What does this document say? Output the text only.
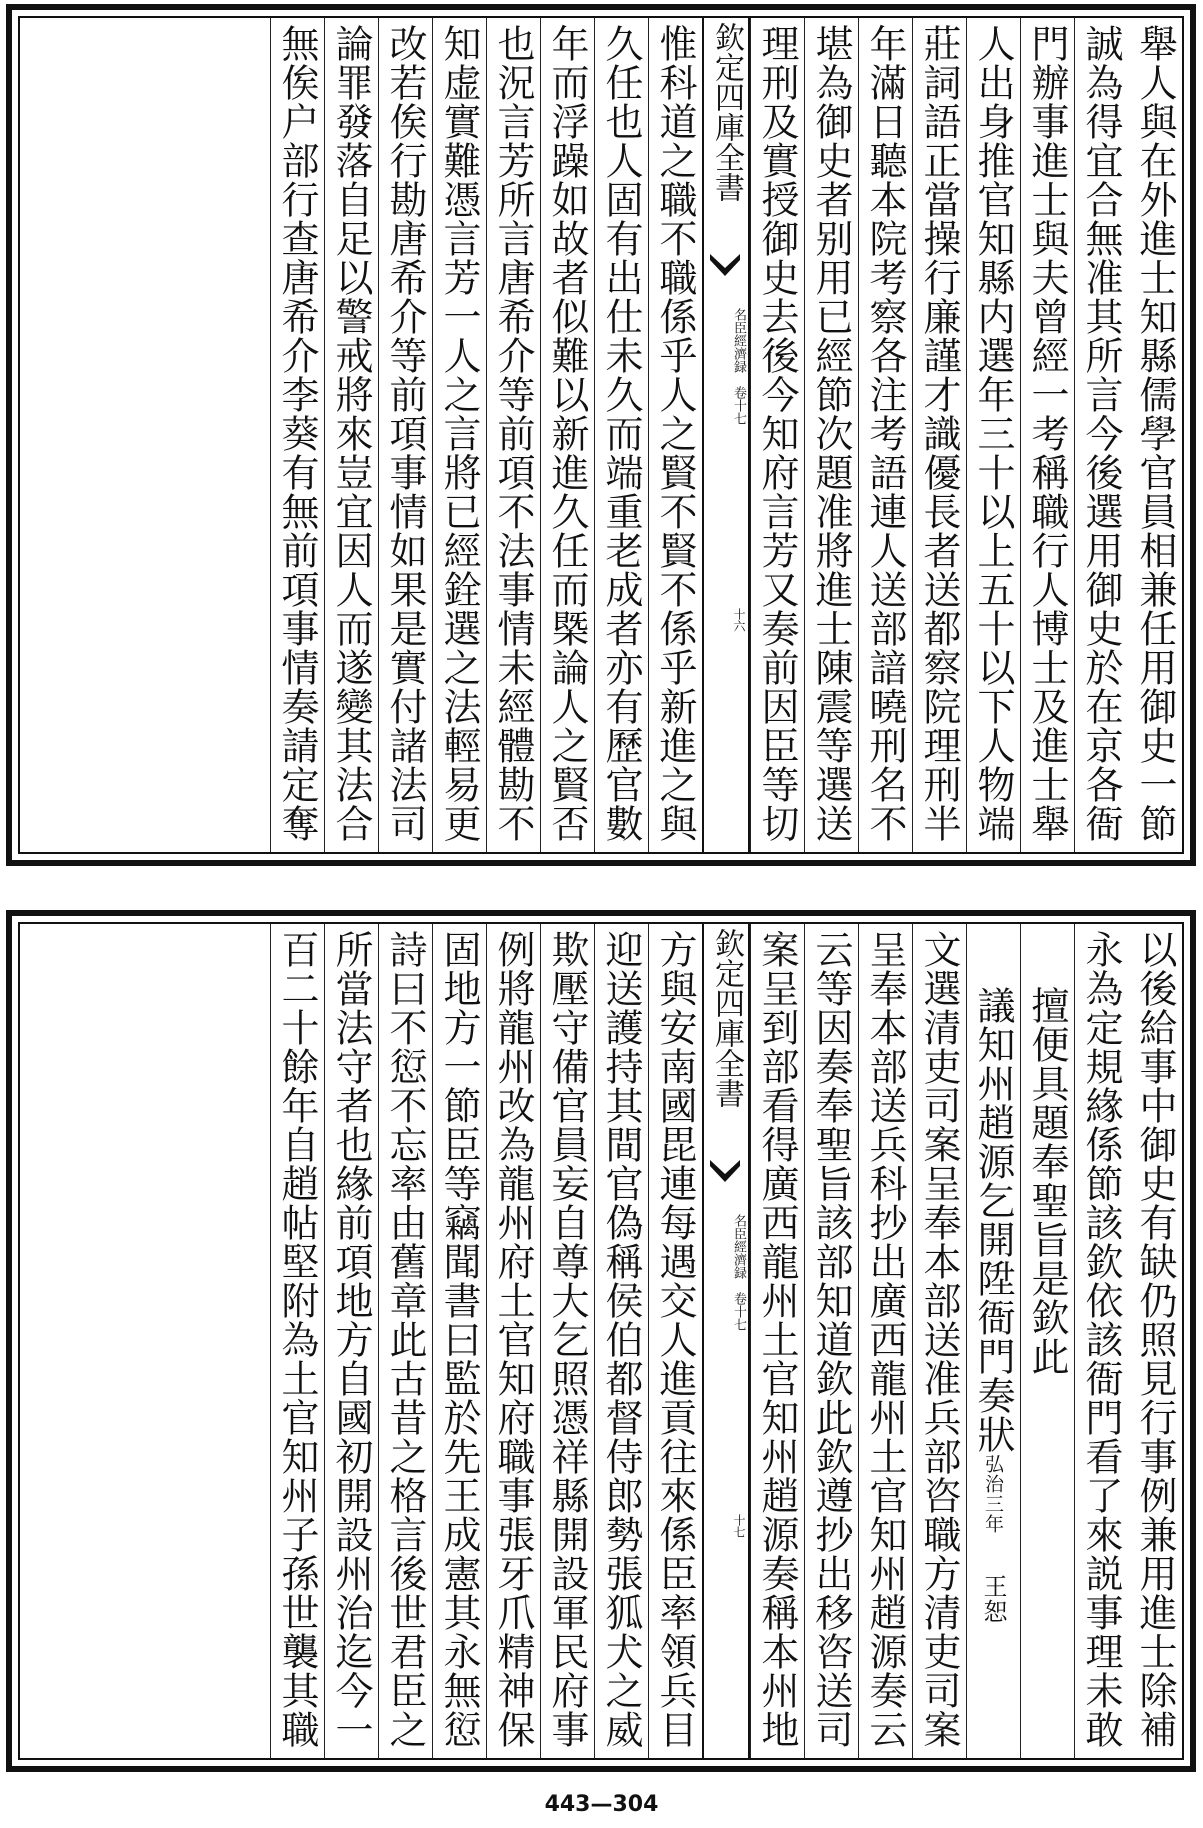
舉人與在外進士知縣儒學官員相兼任用御史一節
誠為得宜合無准其所言今後選用御史於在京各衙
門辦事進士與夫曾經一考稱職行人博士及進士舉
人出身推官知縣内選年三十以上五十以下人物端
莊詞語正當操行廉謹才識優長者送都察院理刑半
年滿日聽本院考察各注考語連人送部諳曉刑名不
堪為御史者别用已經節次題准將進士陳震等選送
理刑及實授御史去後今知府言芳又奏前因臣等切
欽定四庫全書
名臣經濟録　卷十七
十六
惟科道之職不職係乎人之賢不賢不係乎新進之與
久任也人固有出仕未久而端重老成者亦有歷官數
年而浮躁如故者似難以新進久任而槩論人之賢否
也況言芳所言唐希介等前項不法事情未經體勘不
知虚實難憑言芳一人之言將已經銓選之法輕易更
改若俟行勘唐希介等前項事情如果是實付諸法司
論罪發落自足以警戒將來豈宜因人而遂變其法合
無俟户部行查唐希介李葵有無前項事情奏請定奪
以後給事中御史有缺仍照見行事例兼用進士除補
永為定規緣係節該欽依該衙門看了來説事理未敢
擅便具題奉聖旨是欽此
議知州趙源乞開陞衙門奏狀弘治三年王恕
文選清吏司案呈奉本部送准兵部咨職方清吏司案
呈奉本部送兵科抄出廣西龍州土官知州趙源奏云
云等因奏奉聖旨該部知道欽此欽遵抄出移咨送司
案呈到部看得廣西龍州土官知州趙源奏稱本州地
欽定四庫全書
名臣經濟録　卷十七
十七
方與安南國毘連每遇交人進貢往來係臣率領兵目
迎送護持其間官偽稱侯伯都督侍郎勢張狐犬之威
欺壓守備官員妄自尊大乞照憑祥縣開設軍民府事
例將龍州改為龍州府土官知府職事張牙爪精神保
固地方一節臣等竊聞書曰監於先王成憲其永無愆
詩曰不愆不忘率由舊章此古昔之格言後世君臣之
所當法守者也緣前項地方自國初開設州治迄今一
百二十餘年自趙帖堅附為土官知州子孫世襲其職
443—304
